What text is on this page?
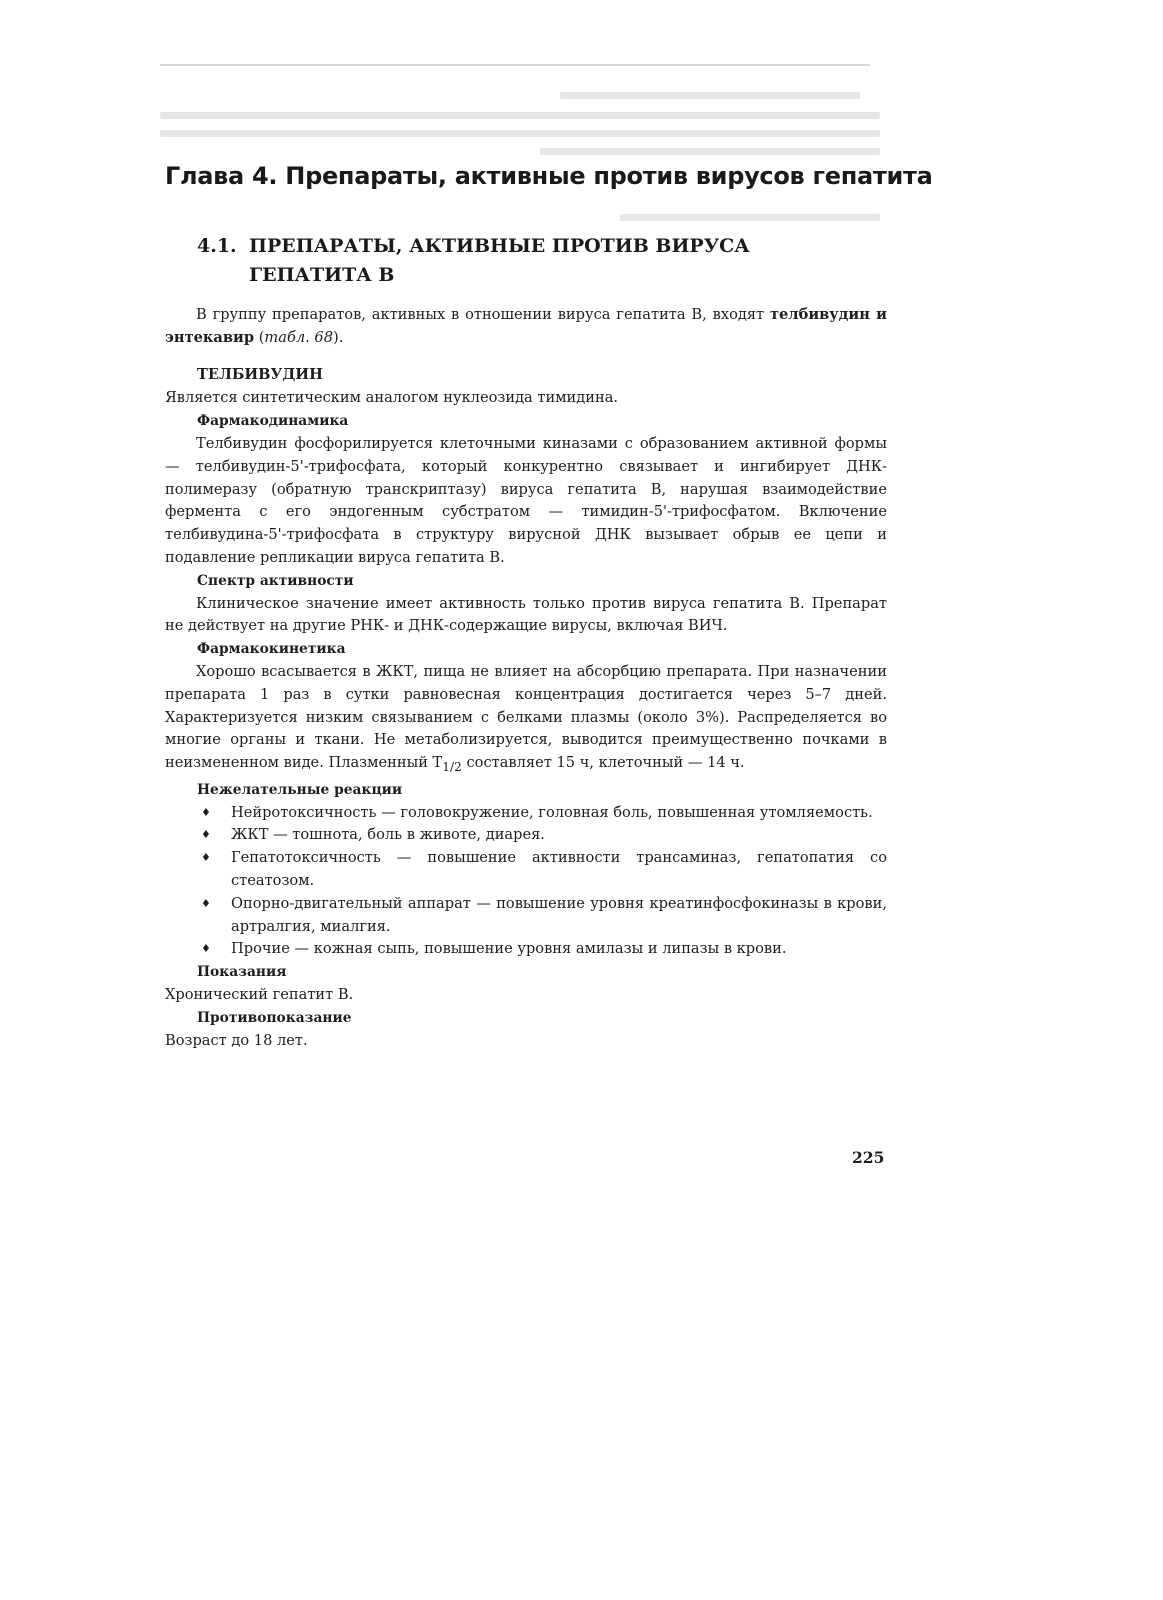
Глава 4. Препараты, активные против вирусов гепатита
4.1. ПРЕПАРАТЫ, АКТИВНЫЕ ПРОТИВ ВИРУСА
ГЕПАТИТА B

В группу препаратов, активных в отношении вируса гепатита B, входят телбивудин и энтекавир (табл. 68).

ТЕЛБИВУДИН

Является синтетическим аналогом нуклеозида тимидина.

Фармакодинамика

Телбивудин фосфорилируется клеточными киназами с образованием активной формы — телбивудин-5'-трифосфата, который конкурентно связывает и ингибирует ДНК-полимеразу (обратную транскриптазу) вируса гепатита B, нарушая взаимодействие фермента с его эндогенным субстратом — тимидин-5'-трифосфатом. Включение телбивудина-5'-трифосфата в структуру вирусной ДНК вызывает обрыв ее цепи и подавление репликации вируса гепатита B.

Спектр активности

Клиническое значение имеет активность только против вируса гепатита B. Препарат не действует на другие РНК- и ДНК-содержащие вирусы, включая ВИЧ.

Фармакокинетика

Хорошо всасывается в ЖКТ, пища не влияет на абсорбцию препарата. При назначении препарата 1 раз в сутки равновесная концентрация достигается через 5–7 дней. Характеризуется низким связыванием с белками плазмы (около 3%). Распределяется во многие органы и ткани. Не метаболизируется, выводится преимущественно почками в неизмененном виде. Плазменный $T_{1/2}$ составляет 15 ч, клеточный — 14 ч.

Нежелательные реакции
♦ Нейротоксичность — головокружение, головная боль, повышенная утомляемость.
♦ ЖКТ — тошнота, боль в животе, диарея.
♦ Гепатотоксичность — повышение активности трансаминаз, гепатопатия со стеатозом.
♦ Опорно-двигательный аппарат — повышение уровня креатинфосфокиназы в крови, артралгия, миалгия.
♦ Прочие — кожная сыпь, повышение уровня амилазы и липазы в крови.
Показания

Хронический гепатит B.

Противопоказание

Возраст до 18 лет.

225
